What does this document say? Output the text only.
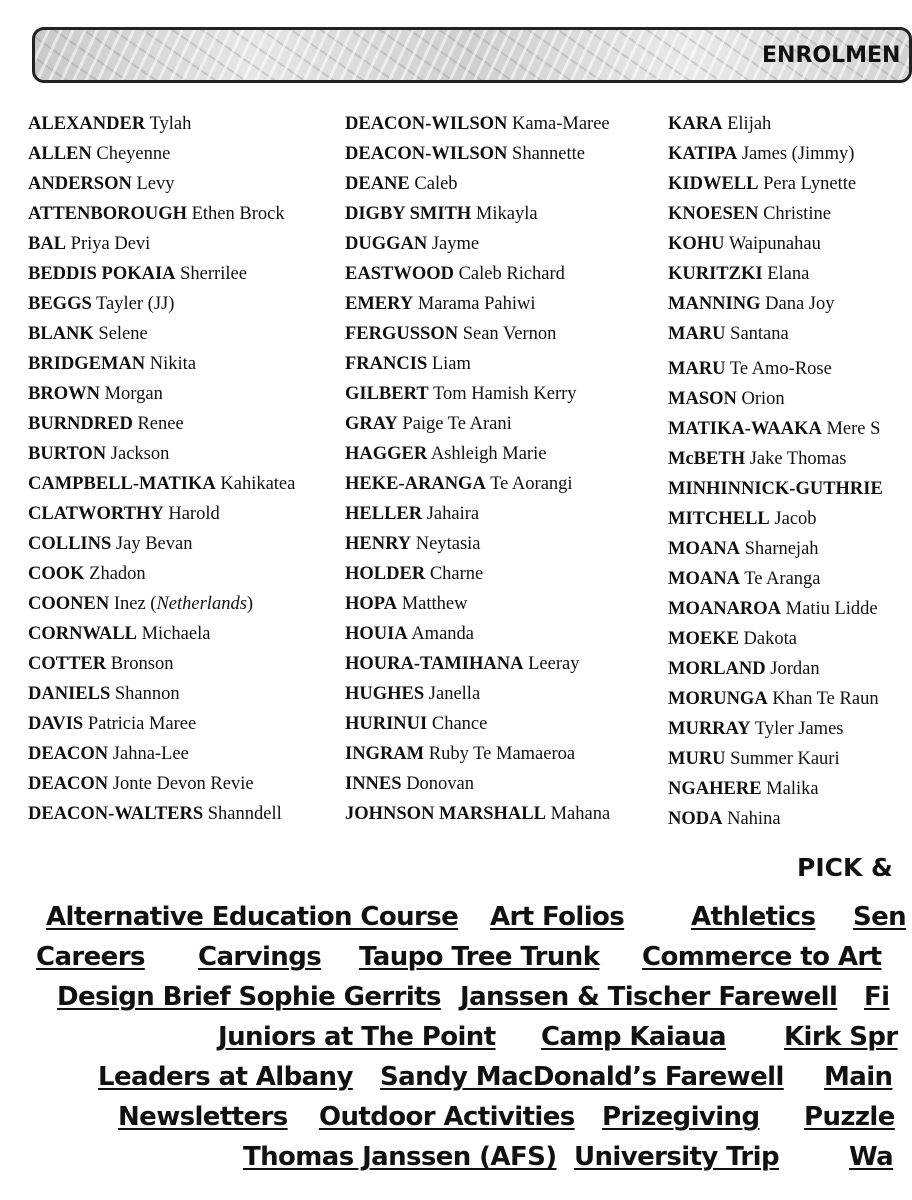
ENROLMEN
ALEXANDER Tylah
ALLEN Cheyenne
ANDERSON Levy
ATTENBOROUGH Ethen Brock
BAL Priya Devi
BEDDIS POKAIA Sherrilee
BEGGS Tayler (JJ)
BLANK Selene
BRIDGEMAN Nikita
BROWN Morgan
BURNDRED Renee
BURTON Jackson
CAMPBELL-MATIKA Kahikatea
CLATWORTHY Harold
COLLINS Jay Bevan
COOK Zhadon
COONEN Inez (Netherlands)
CORNWALL Michaela
COTTER Bronson
DANIELS Shannon
DAVIS Patricia Maree
DEACON Jahna-Lee
DEACON Jonte Devon Revie
DEACON-WALTERS Shanndell
DEACON-WILSON Kama-Maree
DEACON-WILSON Shannette
DEANE Caleb
DIGBY SMITH Mikayla
DUGGAN Jayme
EASTWOOD Caleb Richard
EMERY Marama Pahiwi
FERGUSSON Sean Vernon
FRANCIS Liam
GILBERT Tom Hamish Kerry
GRAY Paige Te Arani
HAGGER Ashleigh Marie
HEKE-ARANGA Te Aorangi
HELLER Jahaira
HENRY Neytasia
HOLDER Charne
HOPA Matthew
HOUIA Amanda
HOURA-TAMIHANA Leeray
HUGHES Janella
HURINUI Chance
INGRAM Ruby Te Mamaeroa
INNES Donovan
JOHNSON MARSHALL Mahana
KARA Elijah
KATIPA James (Jimmy)
KIDWELL Pera Lynette
KNOESEN Christine
KOHU Waipunahau
KURITZKI Elana
MANNING Dana Joy
MARU Santana
MARU Te Amo-Rose
MASON Orion
MATIKA-WAAKA Mere S
McBETH Jake Thomas
MINHINNICK-GUTHRIE
MITCHELL Jacob
MOANA Sharnejah
MOANA Te Aranga
MOANAROA Matiu Lidde
MOEKE Dakota
MORLAND Jordan
MORUNGA Khan Te Raun
MURRAY Tyler James
MURU Summer Kauri
NGAHERE Malika
NODA Nahina
PICK &
Alternative Education Course Art Folios	Athletics Sen
Careers Carvings Taupo Tree Trunk Commerce to Art
Design Brief Sophie Gerrits Janssen & Tischer Farewell Fi
Juniors at The Point Camp Kaiaua Kirk Spr
Leaders at Albany Sandy MacDonald’s Farewell Main
Newsletters Outdoor Activities Prizegiving Puzzle
Thomas Janssen (AFS) University Trip	Wa
